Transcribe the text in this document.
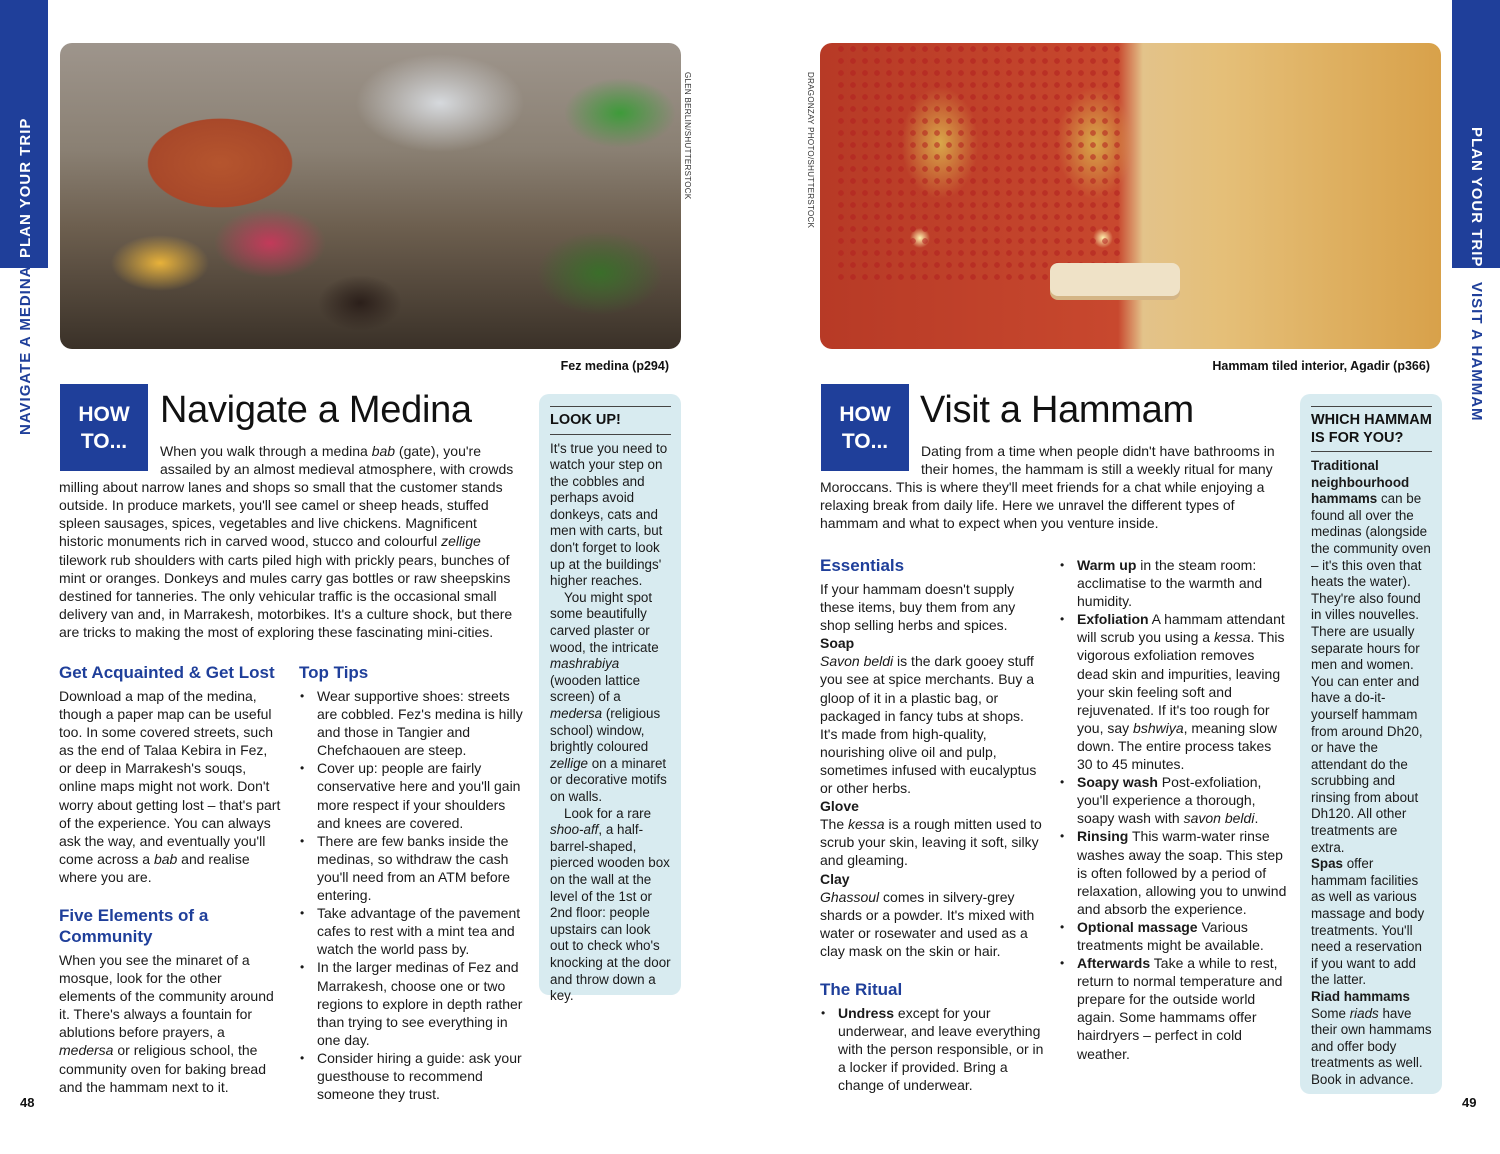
PLAN YOUR TRIP
NAVIGATE A MEDINA
GLEN BERLIN/SHUTTERSTOCK
Fez medina (p294)
HOW
TO...
Navigate a Medina
When you walk through a medina bab (gate), you're assailed by an almost medieval atmosphere, with crowds
milling about narrow lanes and shops so small that the customer stands outside. In produce markets, you'll see camel or sheep heads, stuffed spleen sausages, spices, vegetables and live chickens. Magnificent historic monuments rich in carved wood, stucco and colourful zellige tilework rub shoulders with carts piled high with prickly pears, bunches of mint or oranges. Donkeys and mules carry gas bottles or raw sheepskins destined for tanneries. The only vehicular traffic is the occasional small delivery van and, in Marrakesh, motorbikes. It's a culture shock, but there are tricks to making the most of exploring these fascinating mini-cities.
Get Acquainted & Get Lost

Download a map of the medina, though a paper map can be useful too. In some covered streets, such as the end of Talaa Kebira in Fez, or deep in Marrakesh's souqs, online maps might not work. Don't worry about getting lost – that's part of the experience. You can always ask the way, and eventually you'll come across a bab and realise where you are.

Five Elements of a Community

When you see the minaret of a mosque, look for the other elements of the community around it. There's always a fountain for ablutions before prayers, a medersa or religious school, the community oven for baking bread and the hammam next to it.

Top Tips
• Wear supportive shoes: streets are cobbled. Fez's medina is hilly and those in Tangier and Chefchaouen are steep.
• Cover up: people are fairly conservative here and you'll gain more respect if your shoulders and knees are covered.
• There are few banks inside the medinas, so withdraw the cash you'll need from an ATM before entering.
• Take advantage of the pavement cafes to rest with a mint tea and watch the world pass by.
• In the larger medinas of Fez and Marrakesh, choose one or two regions to explore in depth rather than trying to see everything in one day.
• Consider hiring a guide: ask your guesthouse to recommend someone they trust.
LOOK UP!

It's true you need to watch your step on the cobbles and perhaps avoid donkeys, cats and men with carts, but don't forget to look up at the buildings' higher reaches.

You might spot some beautifully carved plaster or wood, the intricate mashrabiya (wooden lattice screen) of a medersa (religious school) window, brightly coloured zellige on a minaret or decorative motifs on walls.

Look for a rare shoo-aff, a half-barrel-shaped, pierced wooden box on the wall at the level of the 1st or 2nd floor: people upstairs can look out to check who's knocking at the door and throw down a key.

48
PLAN YOUR TRIP
VISIT A HAMMAM
DRAGONZAY PHOTO/SHUTTERSTOCK
Hammam tiled interior, Agadir (p366)
HOW
TO...
Visit a Hammam
Dating from a time when people didn't have bathrooms in their homes, the hammam is still a weekly ritual for many
Moroccans. This is where they'll meet friends for a chat while enjoying a relaxing break from daily life. Here we unravel the different types of hammam and what to expect when you venture inside.
Essentials

If your hammam doesn't supply these items, buy them from any shop selling herbs and spices.

Soap

Savon beldi is the dark gooey stuff you see at spice merchants. Buy a gloop of it in a plastic bag, or packaged in fancy tubs at shops. It's made from high-quality, nourishing olive oil and pulp, sometimes infused with eucalyptus or other herbs.

Glove

The kessa is a rough mitten used to scrub your skin, leaving it soft, silky and gleaming.

Clay

Ghassoul comes in silvery-grey shards or a powder. It's mixed with water or rosewater and used as a clay mask on the skin or hair.

The Ritual
• Undress except for your underwear, and leave everything with the person responsible, or in a locker if provided. Bring a change of underwear.
• Warm up in the steam room: acclimatise to the warmth and humidity.
• Exfoliation A hammam attendant will scrub you using a kessa. This vigorous exfoliation removes dead skin and impurities, leaving your skin feeling soft and rejuvenated. If it's too rough for you, say bshwiya, meaning slow down. The entire process takes 30 to 45 minutes.
• Soapy wash Post-exfoliation, you'll experience a thorough, soapy wash with savon beldi.
• Rinsing This warm-water rinse washes away the soap. This step is often followed by a period of relaxation, allowing you to unwind and absorb the experience.
• Optional massage Various treatments might be available.
• Afterwards Take a while to rest, return to normal temperature and prepare for the outside world again. Some hammams offer hairdryers – perfect in cold weather.
WHICH HAMMAM IS FOR YOU?

Traditional neighbourhood hammams can be found all over the medinas (alongside the community oven – it's this oven that heats the water). They're also found in villes nouvelles. There are usually separate hours for men and women. You can enter and have a do-it-yourself hammam from around Dh20, or have the attendant do the scrubbing and rinsing from about Dh120. All other treatments are extra.

Spas offer hammam facilities as well as various massage and body treatments. You'll need a reservation if you want to add the latter.

Riad hammams

Some riads have their own hammams and offer body treatments as well. Book in advance.

49
